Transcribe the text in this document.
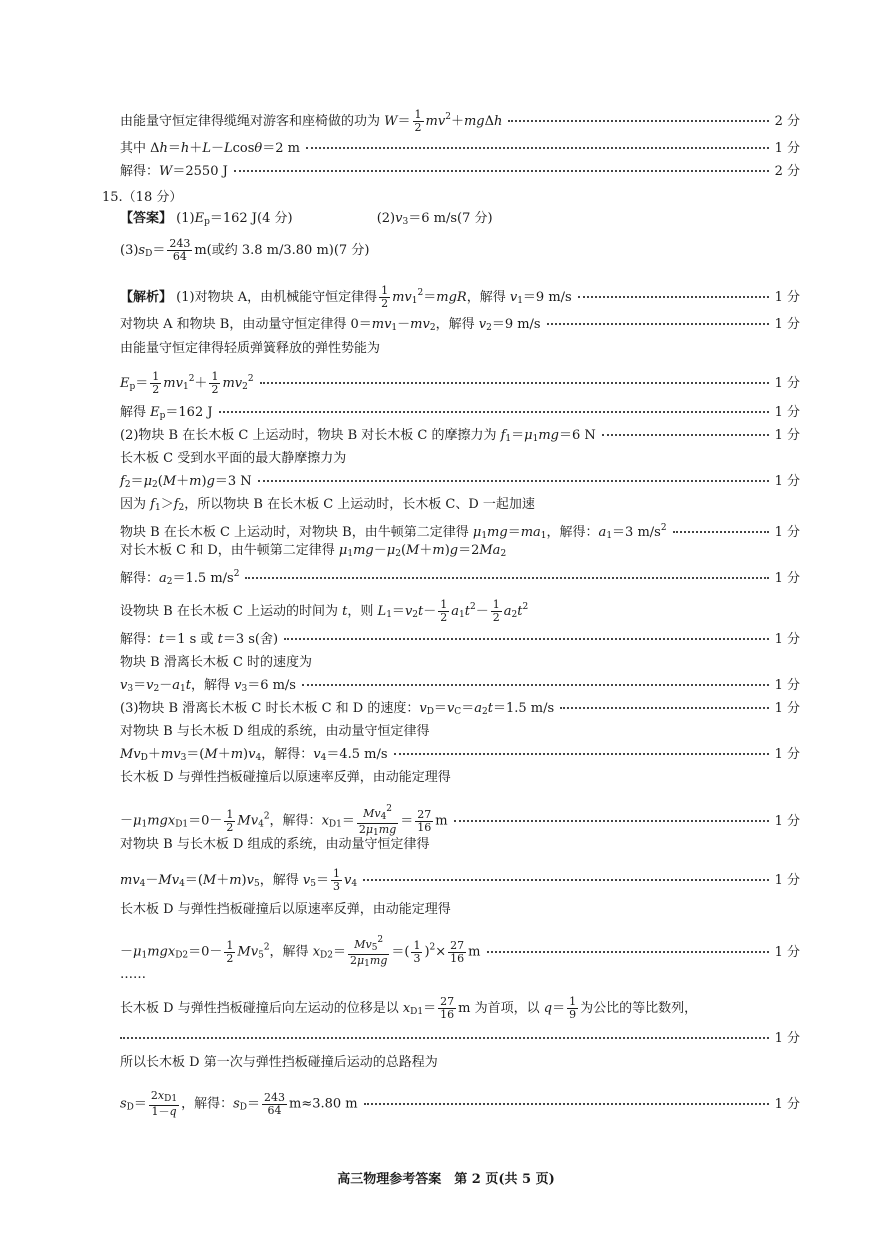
由能量守恒定律得缆绳对游客和座椅做的功为 $W= \frac{1}{2} mv^2+mg\Delta h$	2 分
其中 Δh＝h＋L－Lcosθ＝2 m	1 分
解得：W＝2550 J	2 分
15.（18 分）
【答案】 $(1)E_p=162$ J(4 分)	$(2)v_3=6$ m/s(7 分)
$(3)s_D= \frac{243}{64} m$(或约 3.8 m/3.80 m)(7 分)
【解析】 (1)对物块 A，由机械能守恒定律得 $\frac{1}{2} mv_1^2=mgR$，解得 $v_1=9$ m/s	1 分
对物块 A 和物块 B，由动量守恒定律得 $0=mv_1-mv_2$，解得 $v_2=9$ m/s	1 分
由能量守恒定律得轻质弹簧释放的弹性势能为
$E_p= \frac{1}{2} mv_1^2+ \frac{1}{2} mv_2^2$	1 分
解得 $E_p=162$ J	1 分
(2)物块 B 在长木板 C 上运动时，物块 B 对长木板 C 的摩擦力为 $f_1=\mu_1mg=6$ N	1 分
长木板 C 受到水平面的最大静摩擦力为
$f_2=\mu_2(M+m)g=3$ N	1 分
因为 $f_1>f_2$，所以物块 B 在长木板 C 上运动时，长木板 C、D 一起加速
物块 B 在长木板 C 上运动时，对物块 B，由牛顿第二定律得 $\mu_1mg=ma_1$，解得：$a_1=3$ $m/s^2$	1 分
对长木板 C 和 D，由牛顿第二定律得 $\mu_1mg-\mu_2(M+m)g=2Ma_2$
解得：$a_2=1.5$ $m/s^2$	1 分
设物块 B 在长木板 C 上运动的时间为 t，则 $L_1=v_2t- \frac{1}{2} a_1t^2- \frac{1}{2} a_2t^2$
解得：t＝1 s 或 t＝3 s(舍)	1 分
物块 B 滑离长木板 C 时的速度为
$v_3=v_2-a_1t$，解得 $v_3=6$ m/s	1 分
(3)物块 B 滑离长木板 C 时长木板 C 和 D 的速度：$v_D=v_C=a_2t=1.5$ m/s	1 分
对物块 B 与长木板 D 组成的系统，由动量守恒定律得
$Mv_D+mv_3=(M+m)v_4$，解得：$v_4=4.5$ m/s	1 分
长木板 D 与弹性挡板碰撞后以原速率反弹，由动能定理得
$-\mu_1mgx_{D1}=0- \frac{1}{2} Mv_4^2$，解得：$x_{D1}= \frac{Mv_4^2}{2\mu_1mg} = \frac{27}{16}$ m	1 分
对物块 B 与长木板 D 组成的系统，由动量守恒定律得
$mv_4-Mv_4=(M+m)v_5$，解得 $v_5= \frac{1}{3} v_4$	1 分
长木板 D 与弹性挡板碰撞后以原速率反弹，由动能定理得
$-\mu_1mgx_{D2}=0- \frac{1}{2} Mv_5^2$，解得 $x_{D2}= \frac{Mv_5^2}{2\mu_1mg}$ ＝( $\frac{1}{3} )^2\times \frac{27}{16}$ m	1 分
……
长木板 D 与弹性挡板碰撞后向左运动的位移是以 $x_{D1}= \frac{27}{16}$ m 为首项，以 $q= \frac{1}{9}$ 为公比的等比数列，
1 分
所以长木板 D 第一次与弹性挡板碰撞后运动的总路程为
$s_D= \frac{2x_{D1}}{1-q}$ ，解得：$s_D= \frac{243}{64} m\approx 3.80$ m	1 分
高三物理参考答案　第 2 页(共 5 页)
